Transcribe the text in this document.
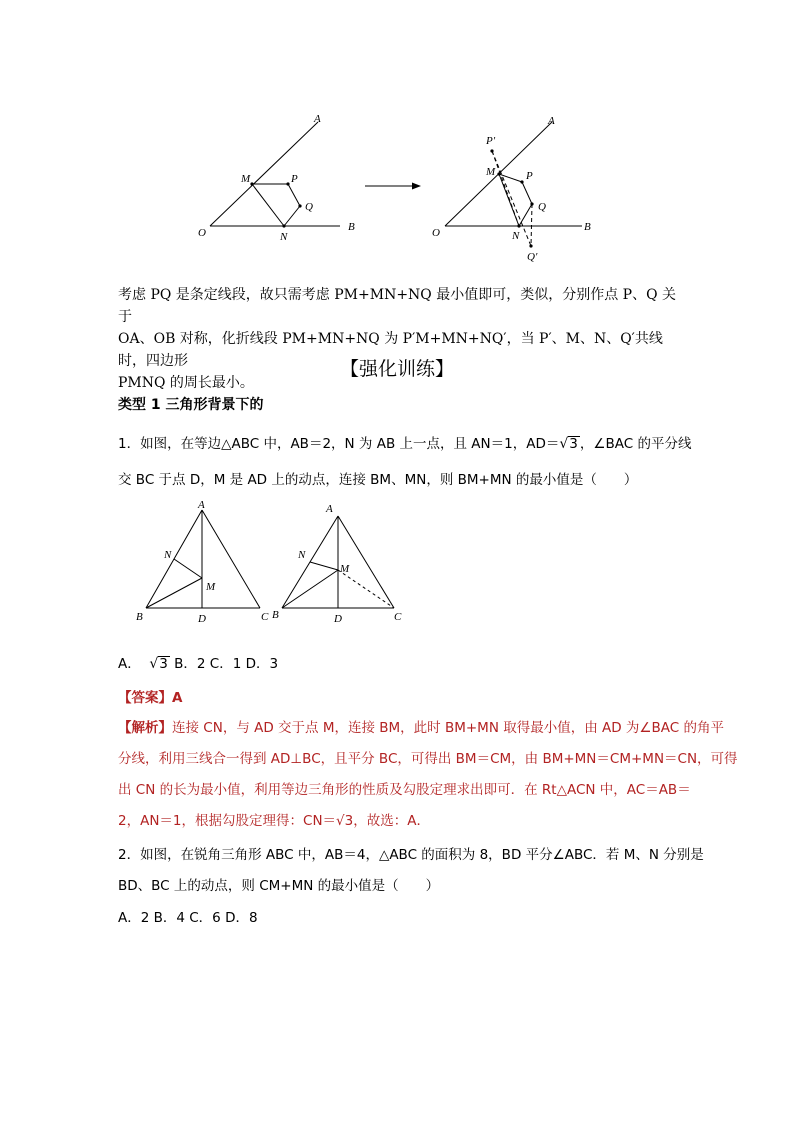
A
B
O
M
N
P
Q
A
B
O
M
N
P
Q
P′
Q′
考虑 PQ 是条定线段，故只需考虑 PM+MN+NQ 最小值即可，类似，分别作点 P、Q 关于
OA、OB 对称，化折线段 PM+MN+NQ 为 P′M+MN+NQ′，当 P′、M、N、Q′共线时，四边形
PMNQ 的周长最小。
【强化训练】
类型 1 三角形背景下的
1．如图，在等边△ABC 中，AB＝2，N 为 AB 上一点，且 AN＝1，AD＝√3 ，∠BAC 的平分线
交 BC 于点 D，M 是 AD 上的动点，连接 BM、MN，则 BM+MN 的最小值是（　　）
A
N
M
B	D	C
A
N
M
B	D	C
A． √3 B．2 C．1 D．3
【答案】A
【解析】连接 CN，与 AD 交于点 M，连接 BM，此时 BM+MN 取得最小值，由 AD 为∠BAC 的角平
分线，利用三线合一得到 AD⊥BC，且平分 BC，可得出 BM＝CM，由 BM+MN＝CM+MN＝CN，可得
出 CN 的长为最小值，利用等边三角形的性质及勾股定理求出即可．在 Rt△ACN 中，AC＝AB＝
2，AN＝1，根据勾股定理得：CN＝√3，故选：A．
2．如图，在锐角三角形 ABC 中，AB＝4，△ABC 的面积为 8，BD 平分∠ABC．若 M、N 分别是
BD、BC 上的动点，则 CM+MN 的最小值是（　　）
A．2 B．4 C．6 D．8
